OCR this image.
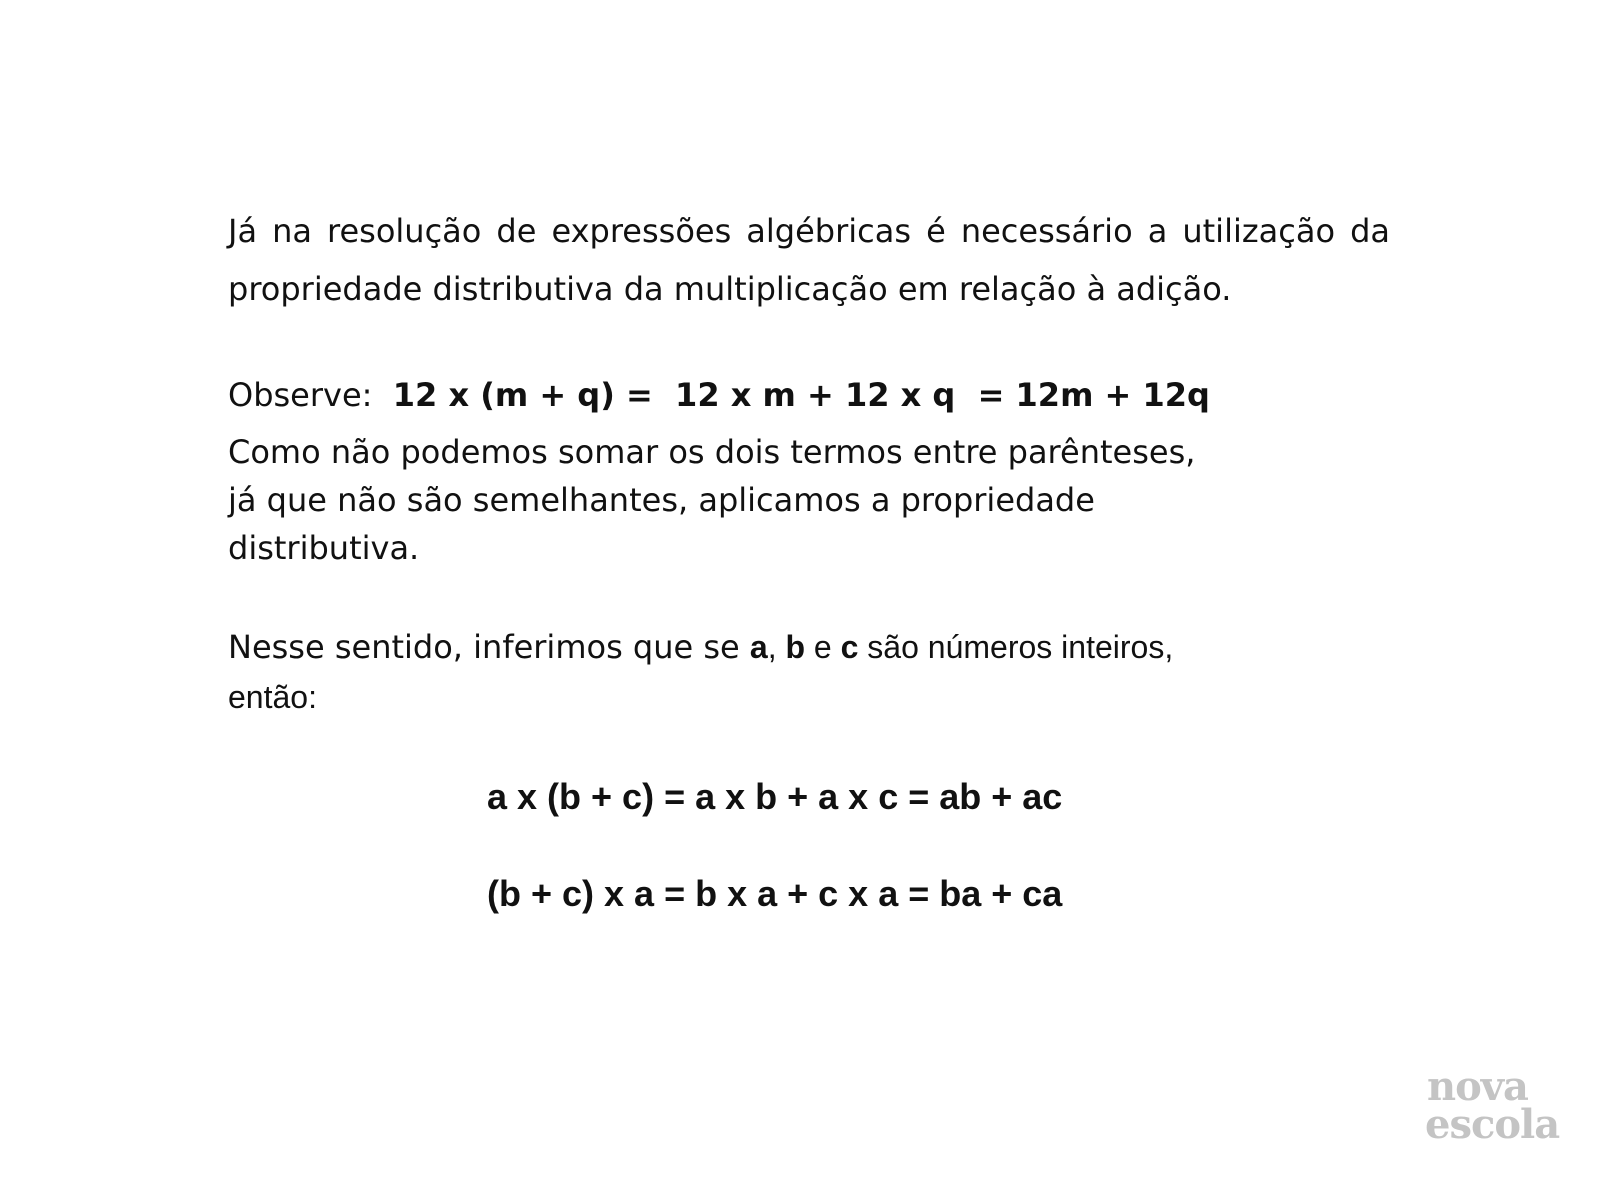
Já na resolução de expressões algébricas é necessário a utilização da propriedade distributiva da multiplicação em relação à adição.

Observe: 12 x (m + q) =  12 x m + 12 x q  = 12m + 12q

Como não podemos somar os dois termos entre parênteses,
já que não são semelhantes, aplicamos a propriedade
distributiva.

Nesse sentido, inferimos que se a, b e c são números inteiros,
então:

a x (b + c) = a x b + a x c = ab + ac
(b + c) x a = b x a + c x a = ba + ca
nova
escola
